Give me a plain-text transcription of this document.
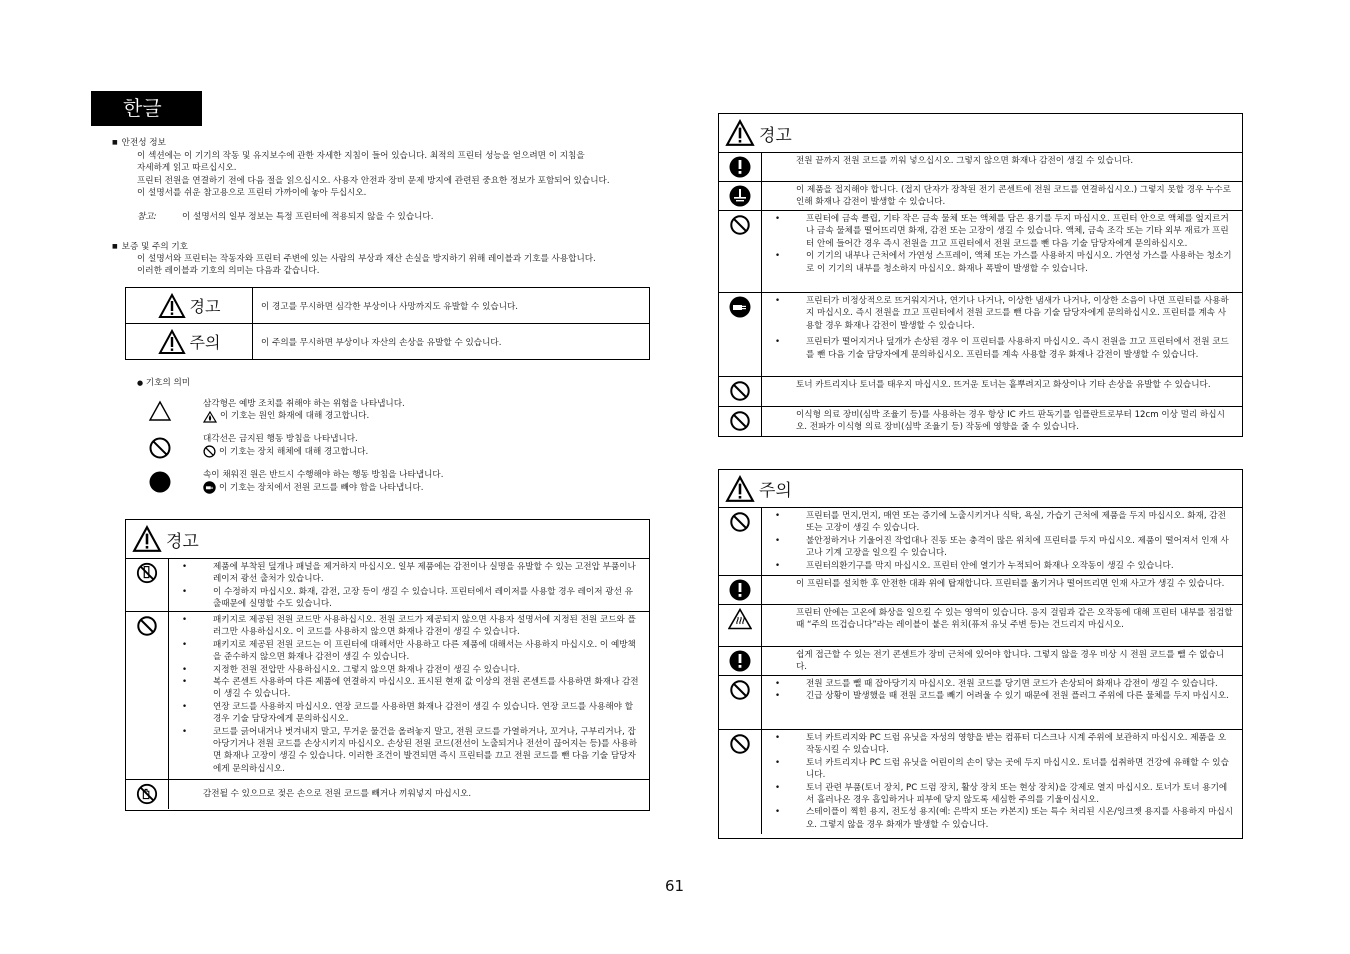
한글
■ 안전성 정보
이 섹션에는 이 기기의 작동 및 유지보수에 관한 자세한 지침이 들어 있습니다. 최적의 프린터 성능을 얻으려면 이 지침을
자세하게 읽고 따르십시오.
프린터 전원을 연결하기 전에 다음 절을 읽으십시오. 사용자 안전과 장비 문제 방지에 관련된 중요한 정보가 포함되어 있습니다.
이 설명서를 쉬운 참고용으로 프린터 가까이에 놓아 두십시오.
참고:	이 설명서의 일부 정보는 특정 프린터에 적용되지 않을 수 있습니다.
■ 보증 및 주의 기호
이 설명서와 프린터는 작동자와 프린터 주변에 있는 사람의 부상과 재산 손실을 방지하기 위해 레이블과 기호를 사용합니다.
이러한 레이블과 기호의 의미는 다음과 같습니다.
경고	이 경고를 무시하면 심각한 부상이나 사망까지도 유발할 수 있습니다.
주의	이 주의를 무시하면 부상이나 자산의 손상을 유발할 수 있습니다.
● 기호의 의미
삼각형은 예방 조치를 취해야 하는 위험을 나타냅니다.
이 기호는 원인 화재에 대해 경고합니다.
대각선은 금지된 행동 방침을 나타냅니다.
이 기호는 장치 해체에 대해 경고합니다.
속이 채워진 원은 반드시 수행해야 하는 행동 방침을 나타냅니다.
이 기호는 장치에서 전원 코드를 빼야 함을 나타냅니다.
경고
• 제품에 부착된 덮개나 패널을 제거하지 마십시오. 일부 제품에는 감전이나 실명을 유발할 수 있는 고전압 부품이나 레이저 광선 출처가 있습니다.
• 이 수정하지 마십시오. 화재, 감전, 고장 등이 생길 수 있습니다. 프린터에서 레이저를 사용할 경우 레이저 광선 유출때문에 실명할 수도 있습니다.
• 패키지로 제공된 전원 코드만 사용하십시오. 전원 코드가 제공되지 않으면 사용자 설명서에 지정된 전원 코드와 플러그만 사용하십시오. 이 코드를 사용하지 않으면 화재나 감전이 생길 수 있습니다.
• 패키지로 제공된 전원 코드는 이 프린터에 대해서만 사용하고 다른 제품에 대해서는 사용하지 마십시오. 이 예방책을 준수하지 않으면 화재나 감전이 생길 수 있습니다.
• 지정한 전원 전압만 사용하십시오. 그렇지 않으면 화재나 감전이 생길 수 있습니다.
• 복수 콘센트 사용하여 다른 제품에 연결하지 마십시오. 표시된 현재 값 이상의 전원 콘센트를 사용하면 화재나 감전이 생길 수 있습니다.
• 연장 코드를 사용하지 마십시오. 연장 코드를 사용하면 화재나 감전이 생길 수 있습니다. 연장 코드를 사용해야 할 경우 기술 담당자에게 문의하십시오.
• 코드를 긁어내거나 벗겨내지 말고, 무거운 물건을 올려놓지 말고, 전원 코드를 가열하거나, 꼬거나, 구부리거나, 잡아당기거나 전원 코드를 손상시키지 마십시오. 손상된 전원 코드(전선이 노출되거나 전선이 끊어지는 등)를 사용하면 화재나 고장이 생길 수 있습니다. 이러한 조건이 발견되면 즉시 프린터를 끄고 전원 코드를 뺀 다음 기술 담당자에게 문의하십시오.
감전될 수 있으므로 젖은 손으로 전원 코드를 빼거나 끼워넣지 마십시오.
경고
전원 끝까지 전원 코드를 끼워 넣으십시오. 그렇지 않으면 화재나 감전이 생길 수 있습니다.
이 제품을 접지해야 합니다. (접지 단자가 장착된 전기 콘센트에 전원 코드를 연결하십시오.) 그렇지 못할 경우 누수로 인해 화재나 감전이 발생할 수 있습니다.
• 프린터에 금속 클립, 기타 작은 금속 물체 또는 액체를 담은 용기를 두지 마십시오. 프린터 안으로 액체를 엎지르거나 금속 물체를 떨어뜨리면 화재, 감전 또는 고장이 생길 수 있습니다. 액체, 금속 조각 또는 기타 외부 재료가 프린터 안에 들어간 경우 즉시 전원을 끄고 프린터에서 전원 코드를 뺀 다음 기술 담당자에게 문의하십시오.
• 이 기기의 내부나 근처에서 가연성 스프레이, 액체 또는 가스를 사용하지 마십시오. 가연성 가스를 사용하는 청소기로 이 기기의 내부를 청소하지 마십시오. 화재나 폭발이 발생할 수 있습니다.
• 프린터가 비정상적으로 뜨거워지거나, 연기나 나거나, 이상한 냄새가 나거나, 이상한 소음이 나면 프린터를 사용하지 마십시오. 즉시 전원을 끄고 프린터에서 전원 코드를 뺀 다음 기술 담당자에게 문의하십시오. 프린터를 계속 사용할 경우 화재나 감전이 발생할 수 있습니다.
• 프린터가 떨어지거나 덮개가 손상된 경우 이 프린터를 사용하지 마십시오. 즉시 전원을 끄고 프린터에서 전원 코드를 뺀 다음 기술 담당자에게 문의하십시오. 프린터를 계속 사용할 경우 화재나 감전이 발생할 수 있습니다.
토너 카트리지나 토너를 태우지 마십시오. 뜨거운 토너는 흩뿌려지고 화상이나 기타 손상을 유발할 수 있습니다.
이식형 의료 장비(심박 조율기 등)를 사용하는 경우 항상 IC 카드 판독기를 임플란트로부터 12cm 이상 멀리 하십시오. 전파가 이식형 의료 장비(심박 조율기 등) 작동에 영향을 줄 수 있습니다.
주의
• 프린터를 먼지,먼지, 매연 또는 증기에 노출시키거나 식탁, 욕실, 가습기 근처에 제품을 두지 마십시오. 화재, 감전 또는 고장이 생길 수 있습니다.
• 불안정하거나 기울어진 작업대나 진동 또는 충격이 많은 위치에 프린터를 두지 마십시오. 제품이 떨어져서 인재 사고나 기계 고장을 일으킬 수 있습니다.
• 프린터의환기구를 막지 마십시오. 프린터 안에 열기가 누적되어 화재나 오작동이 생길 수 있습니다.
이 프린터를 설치한 후 안전한 대좌 위에 탑재합니다. 프린터를 옮기거나 떨어뜨리면 인재 사고가 생길 수 있습니다.
프린터 안에는 고온에 화상을 일으킬 수 있는 영역이 있습니다. 응지 걸림과 같은 오작동에 대해 프린터 내부를 점검할 때 “주의 뜨겁습니다”라는 레이블이 붙은 위치(퓨저 유닛 주변 등)는 건드리지 마십시오.
쉽게 접근할 수 있는 전기 콘센트가 장비 근처에 있어야 합니다. 그렇지 않을 경우 비상 시 전원 코드를 뺄 수 없습니다.
• 전원 코드를 뺄 때 잡아당기지 마십시오. 전원 코드를 당기면 코드가 손상되어 화재나 감전이 생길 수 있습니다.
• 긴급 상황이 발생했을 때 전원 코드를 빼기 어려울 수 있기 때문에 전원 플러그 주위에 다른 물체를 두지 마십시오.
• 토너 카트리지와 PC 드럼 유닛을 자성의 영향을 받는 컴퓨터 디스크나 시계 주위에 보관하지 마십시오. 제품을 오작동시킬 수 있습니다.
• 토너 카트리지나 PC 드럼 유닛을 어린이의 손이 닿는 곳에 두지 마십시오. 토너를 섭취하면 건강에 유해할 수 있습니다.
• 토너 관련 부품(토너 장치, PC 드럼 장치, 활상 장치 또는 현상 장치)을 강제로 열지 마십시오. 토너가 토너 용기에서 흘러나온 경우 흡입하거나 피부에 닿지 않도록 세심한 주의를 기울이십시오.
• 스테이플이 찍힌 용지, 전도성 용지(예: 은박지 또는 카본지) 또는 특수 처리된 시온/잉크젯 용지를 사용하지 마십시오. 그렇지 않을 경우 화재가 발생할 수 있습니다.
61
